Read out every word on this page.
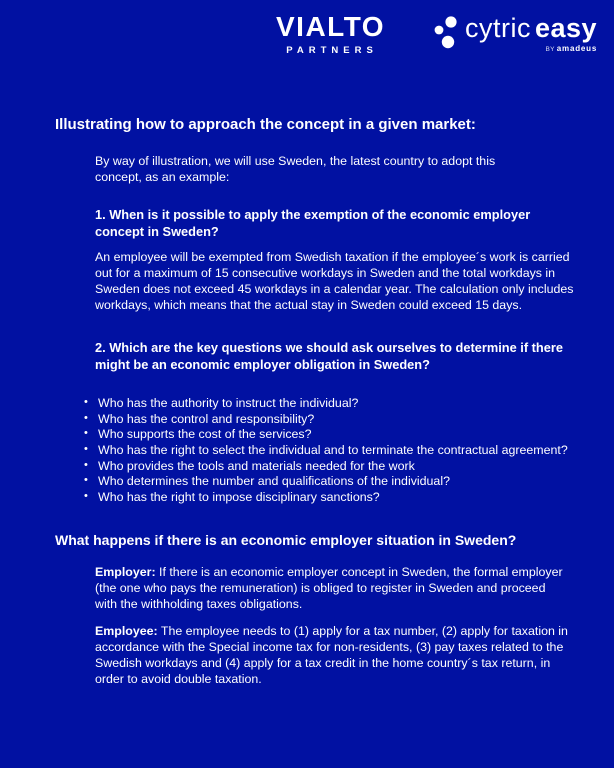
VIALTO
PARTNERS
cytric easy
BY amadeus
Illustrating how to approach the concept in a given market:
By way of illustration, we will use Sweden, the latest country to adopt this concept, as an example:
1. When is it possible to apply the exemption of the economic employer concept in Sweden?
An employee will be exempted from Swedish taxation if the employee´s work is carried out for a maximum of 15 consecutive workdays in Sweden and the total workdays in Sweden does not exceed 45 workdays in a calendar year. The calculation only includes workdays, which means that the actual stay in Sweden could exceed 15 days.
2. Which are the key questions we should ask ourselves to determine if there might be an economic employer obligation in Sweden?
• Who has the authority to instruct the individual?
• Who has the control and responsibility?
• Who supports the cost of the services?
• Who has the right to select the individual and to terminate the contractual agreement?
• Who provides the tools and materials needed for the work
• Who determines the number and qualifications of the individual?
• Who has the right to impose disciplinary sanctions?
What happens if there is an economic employer situation in Sweden?
Employer: If there is an economic employer concept in Sweden, the formal employer (the one who pays the remuneration) is obliged to register in Sweden and proceed with the withholding taxes obligations.
Employee: The employee needs to (1) apply for a tax number, (2) apply for taxation in accordance with the Special income tax for non-residents, (3) pay taxes related to the Swedish workdays and (4) apply for a tax credit in the home country´s tax return, in order to avoid double taxation.
